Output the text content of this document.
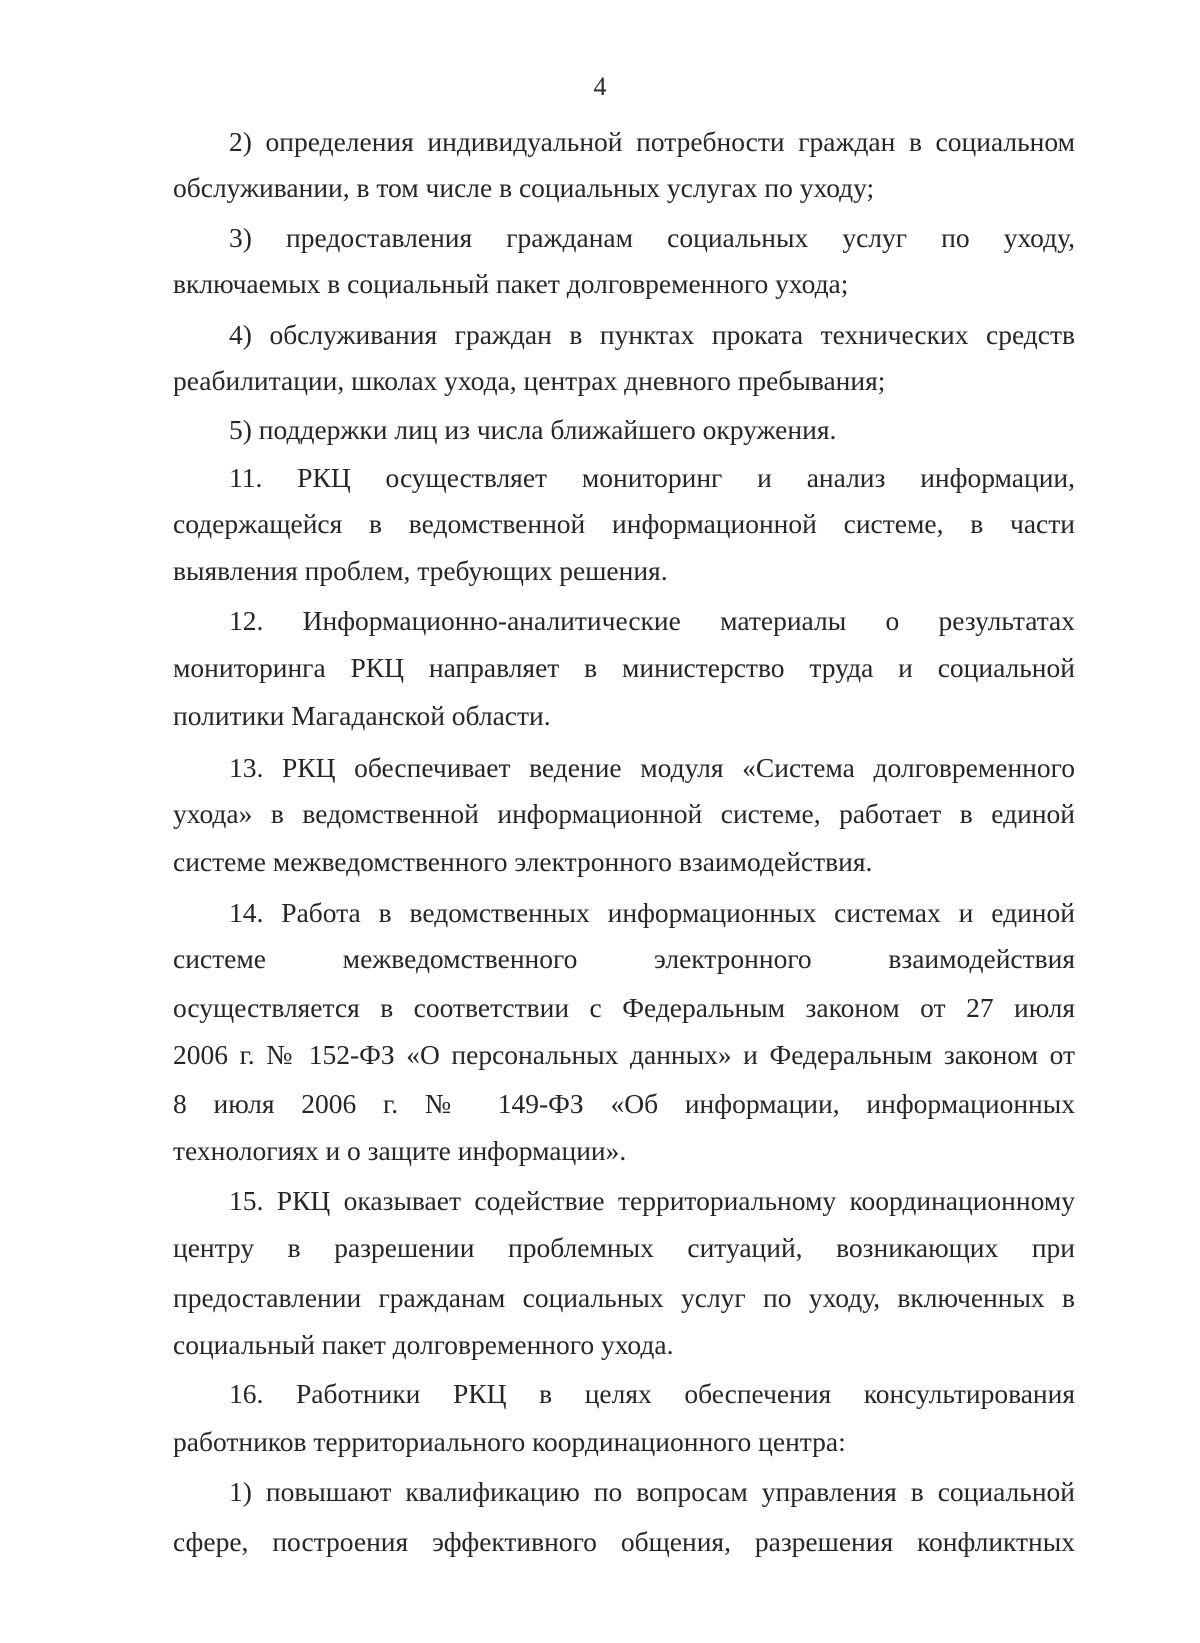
4
2) определения индивидуальной потребности граждан в социальном
обслуживании, в том числе в социальных услугах по уходу;
3) предоставления гражданам социальных услуг по уходу,
включаемых в социальный пакет долговременного ухода;
4) обслуживания граждан в пунктах проката технических средств
реабилитации, школах ухода, центрах дневного пребывания;
5) поддержки лиц из числа ближайшего окружения.
11. РКЦ осуществляет мониторинг и анализ информации,
содержащейся в ведомственной информационной системе, в части
выявления проблем, требующих решения.
12. Информационно-аналитические материалы о результатах
мониторинга РКЦ направляет в министерство труда и социальной
политики Магаданской области.
13. РКЦ обеспечивает ведение модуля «Система долговременного
ухода» в ведомственной информационной системе, работает в единой
системе межведомственного электронного взаимодействия.
14. Работа в ведомственных информационных системах и единой
системе межведомственного электронного взаимодействия
осуществляется в соответствии с Федеральным законом от 27 июля
2006 г. № 152-ФЗ «О персональных данных» и Федеральным законом от
8 июля 2006 г. № 149-ФЗ «Об информации, информационных
технологиях и о защите информации».
15. РКЦ оказывает содействие территориальному координационному
центру в разрешении проблемных ситуаций, возникающих при
предоставлении гражданам социальных услуг по уходу, включенных в
социальный пакет долговременного ухода.
16. Работники РКЦ в целях обеспечения консультирования
работников территориального координационного центра:
1) повышают квалификацию по вопросам управления в социальной
сфере, построения эффективного общения, разрешения конфликтных
